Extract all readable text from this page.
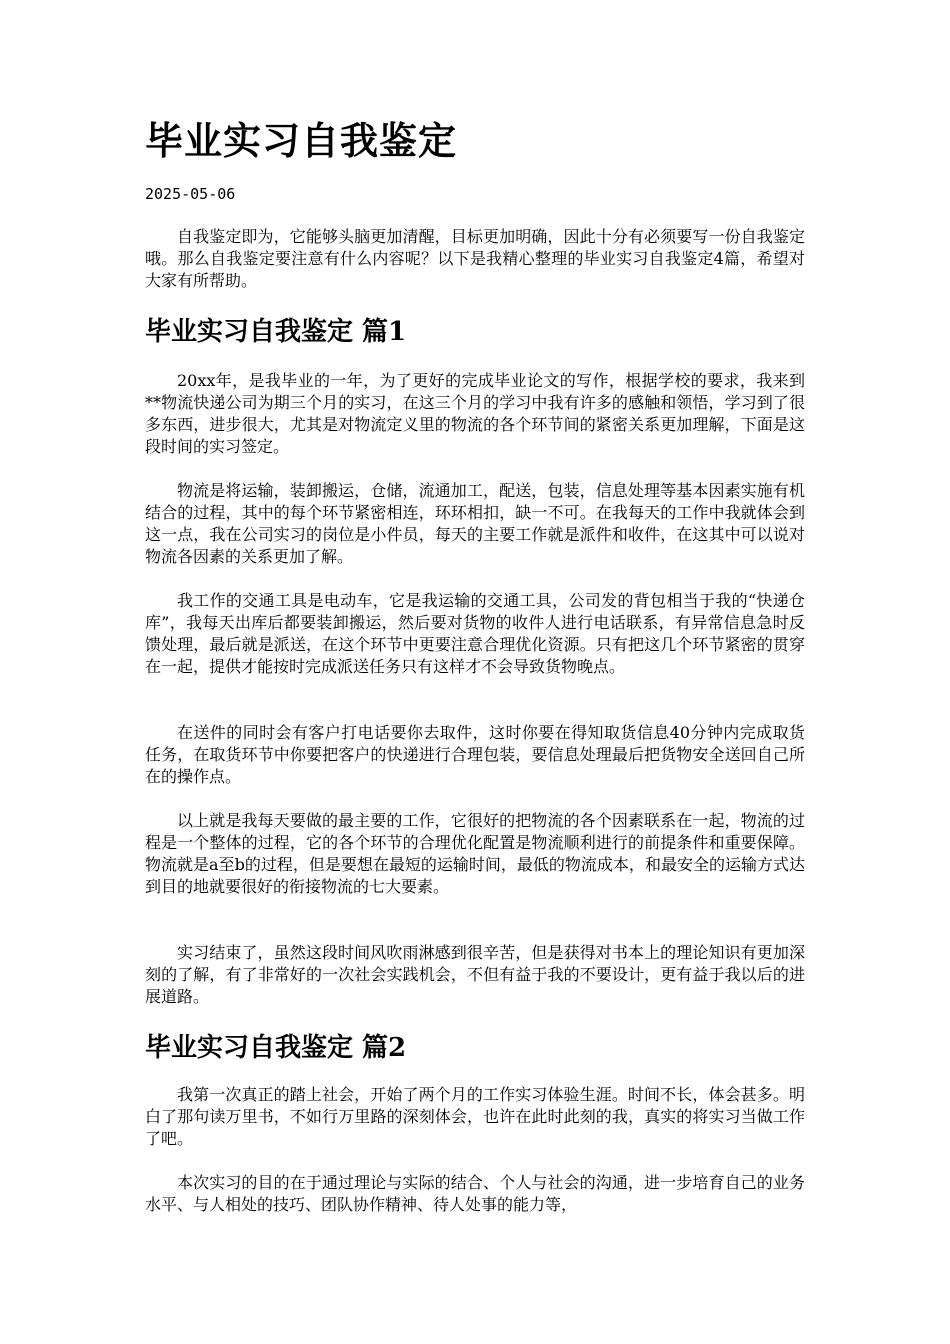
毕业实习自我鉴定
2025-05-06

自我鉴定即为，它能够头脑更加清醒，目标更加明确，因此十分有必须要写一份自我鉴定哦。那么自我鉴定要注意有什么内容呢？以下是我精心整理的毕业实习自我鉴定4篇，希望对大家有所帮助。

毕业实习自我鉴定 篇1

20xx年，是我毕业的一年，为了更好的完成毕业论文的写作，根据学校的要求，我来到**物流快递公司为期三个月的实习，在这三个月的学习中我有许多的感触和领悟，学习到了很多东西，进步很大，尤其是对物流定义里的物流的各个环节间的紧密关系更加理解，下面是这段时间的实习签定。

物流是将运输，装卸搬运，仓储，流通加工，配送，包装，信息处理等基本因素实施有机结合的过程，其中的每个环节紧密相连，环环相扣，缺一不可。在我每天的工作中我就体会到这一点，我在公司实习的岗位是小件员，每天的主要工作就是派件和收件，在这其中可以说对物流各因素的关系更加了解。

我工作的交通工具是电动车，它是我运输的交通工具，公司发的背包相当于我的“快递仓库”，我每天出库后都要装卸搬运，然后要对货物的收件人进行电话联系，有异常信息急时反馈处理，最后就是派送，在这个环节中更要注意合理优化资源。只有把这几个环节紧密的贯穿在一起，提供才能按时完成派送任务只有这样才不会导致货物晚点。

在送件的同时会有客户打电话要你去取件，这时你要在得知取货信息40分钟内完成取货任务，在取货环节中你要把客户的快递进行合理包装，要信息处理最后把货物安全送回自己所在的操作点。

以上就是我每天要做的最主要的工作，它很好的把物流的各个因素联系在一起，物流的过程是一个整体的过程，它的各个环节的合理优化配置是物流顺利进行的前提条件和重要保障。物流就是a至b的过程，但是要想在最短的运输时间，最低的物流成本，和最安全的运输方式达到目的地就要很好的衔接物流的七大要素。

实习结束了，虽然这段时间风吹雨淋感到很辛苦，但是获得对书本上的理论知识有更加深刻的了解，有了非常好的一次社会实践机会，不但有益于我的不要设计，更有益于我以后的进展道路。

毕业实习自我鉴定 篇2

我第一次真正的踏上社会，开始了两个月的工作实习体验生涯。时间不长，体会甚多。明白了那句读万里书，不如行万里路的深刻体会，也许在此时此刻的我，真实的将实习当做工作了吧。

本次实习的目的在于通过理论与实际的结合、个人与社会的沟通，进一步培育自己的业务水平、与人相处的技巧、团队协作精神、待人处事的能力等，
